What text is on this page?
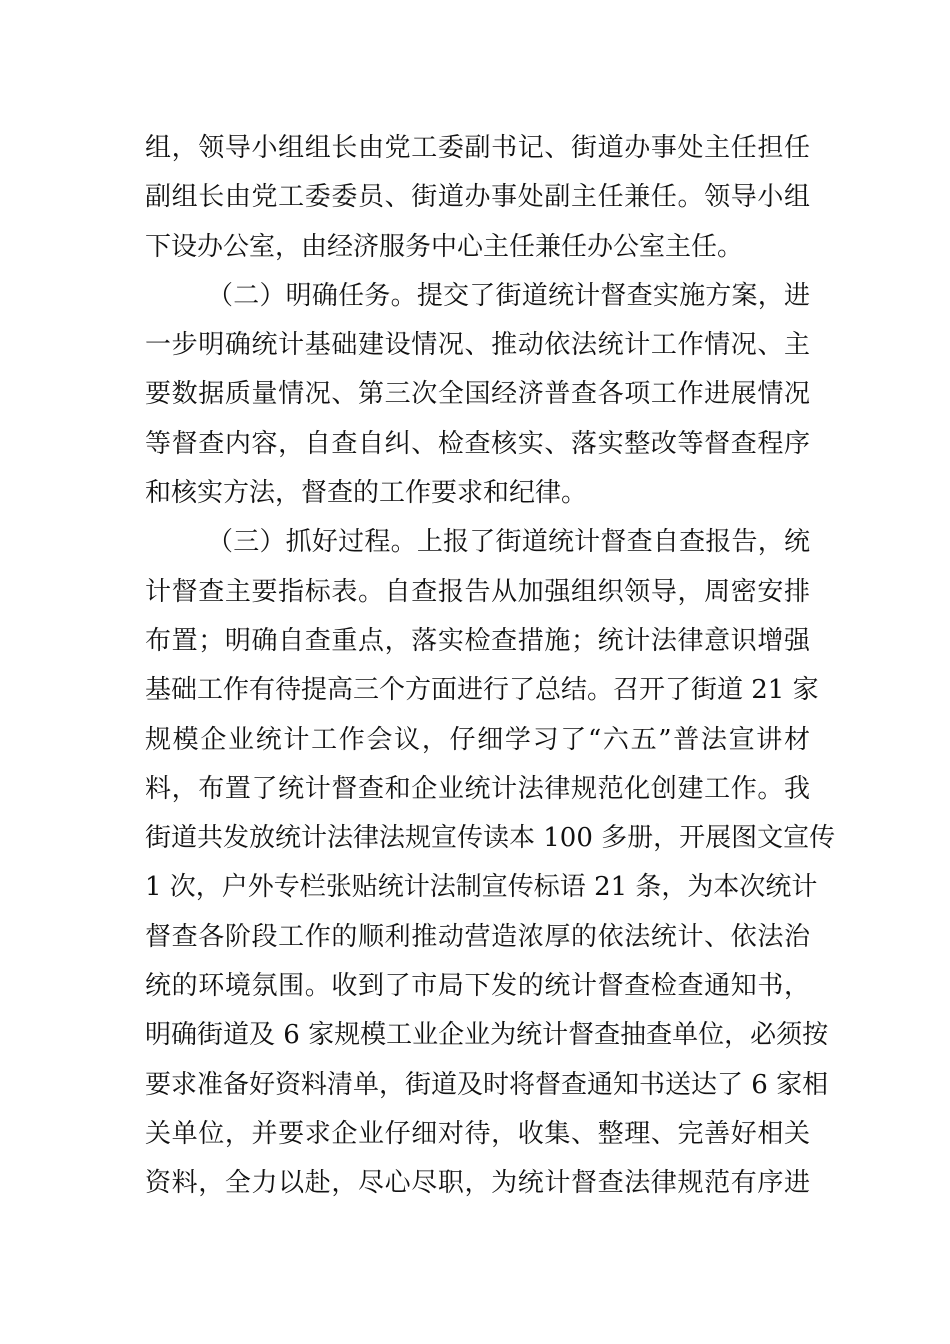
组，领导小组组长由党工委副书记、街道办事处主任担任
副组长由党工委委员、街道办事处副主任兼任。领导小组
下设办公室，由经济服务中心主任兼任办公室主任。
（二）明确任务。提交了街道统计督查实施方案，进
一步明确统计基础建设情况、推动依法统计工作情况、主
要数据质量情况、第三次全国经济普查各项工作进展情况
等督查内容，自查自纠、检查核实、落实整改等督查程序
和核实方法，督查的工作要求和纪律。
（三）抓好过程。上报了街道统计督查自查报告，统
计督查主要指标表。自查报告从加强组织领导，周密安排
布置；明确自查重点，落实检查措施；统计法律意识增强
基础工作有待提高三个方面进行了总结。召开了街道 21 家
规模企业统计工作会议，仔细学习了“六五”普法宣讲材
料，布置了统计督查和企业统计法律规范化创建工作。我
街道共发放统计法律法规宣传读本 100 多册，开展图文宣传
1 次，户外专栏张贴统计法制宣传标语 21 条，为本次统计
督查各阶段工作的顺利推动营造浓厚的依法统计、依法治
统的环境氛围。收到了市局下发的统计督查检查通知书，
明确街道及 6 家规模工业企业为统计督查抽查单位，必须按
要求准备好资料清单，街道及时将督查通知书送达了 6 家相
关单位，并要求企业仔细对待，收集、整理、完善好相关
资料，全力以赴，尽心尽职，为统计督查法律规范有序进
